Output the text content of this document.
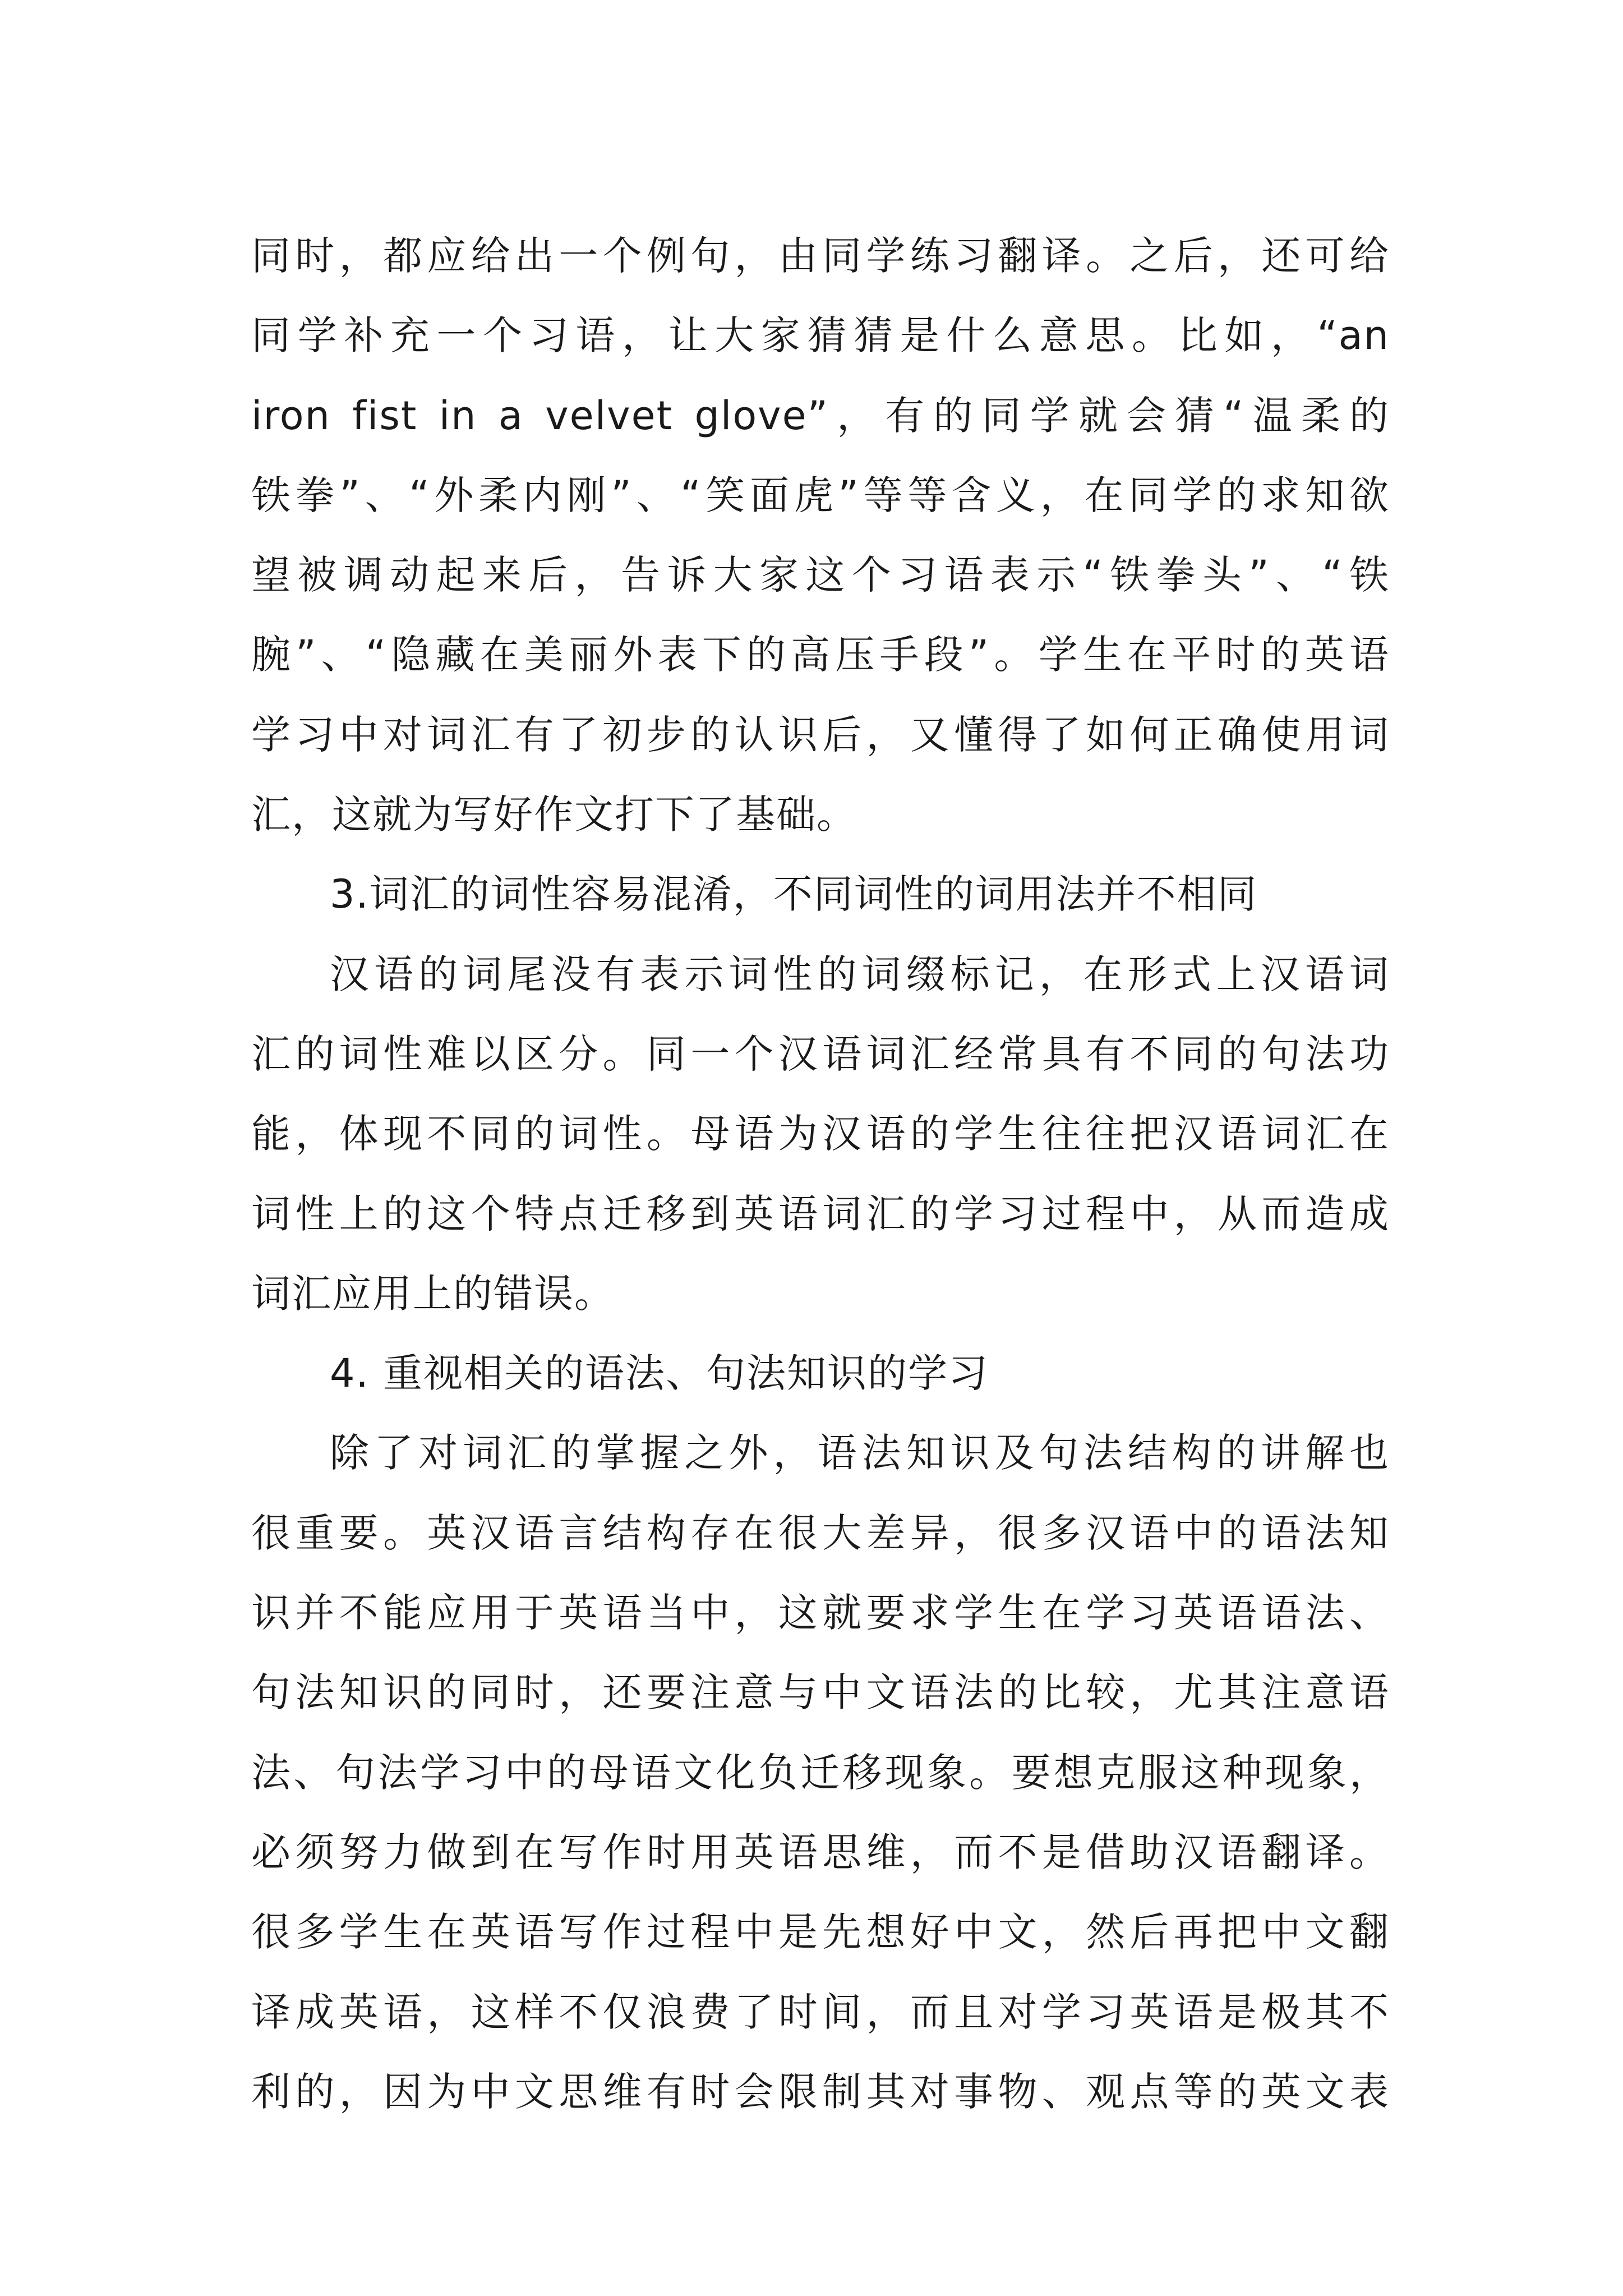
同时，都应给出一个例句，由同学练习翻译。之后，还可给
同学补充一个习语，让大家猜猜是什么意思。比如，“an
iron fist in a velvet glove”，有的同学就会猜“温柔的
铁拳”、“外柔内刚”、“笑面虎”等等含义，在同学的求知欲
望被调动起来后，告诉大家这个习语表示“铁拳头”、“铁
腕”、“隐藏在美丽外表下的高压手段”。学生在平时的英语
学习中对词汇有了初步的认识后，又懂得了如何正确使用词
汇，这就为写好作文打下了基础。
3.词汇的词性容易混淆，不同词性的词用法并不相同
汉语的词尾没有表示词性的词缀标记，在形式上汉语词
汇的词性难以区分。同一个汉语词汇经常具有不同的句法功
能，体现不同的词性。母语为汉语的学生往往把汉语词汇在
词性上的这个特点迁移到英语词汇的学习过程中，从而造成
词汇应用上的错误。
4. 重视相关的语法、句法知识的学习
除了对词汇的掌握之外，语法知识及句法结构的讲解也
很重要。英汉语言结构存在很大差异，很多汉语中的语法知
识并不能应用于英语当中，这就要求学生在学习英语语法、
句法知识的同时，还要注意与中文语法的比较，尤其注意语
法、句法学习中的母语文化负迁移现象。要想克服这种现象，
必须努力做到在写作时用英语思维，而不是借助汉语翻译。
很多学生在英语写作过程中是先想好中文，然后再把中文翻
译成英语，这样不仅浪费了时间，而且对学习英语是极其不
利的，因为中文思维有时会限制其对事物、观点等的英文表
